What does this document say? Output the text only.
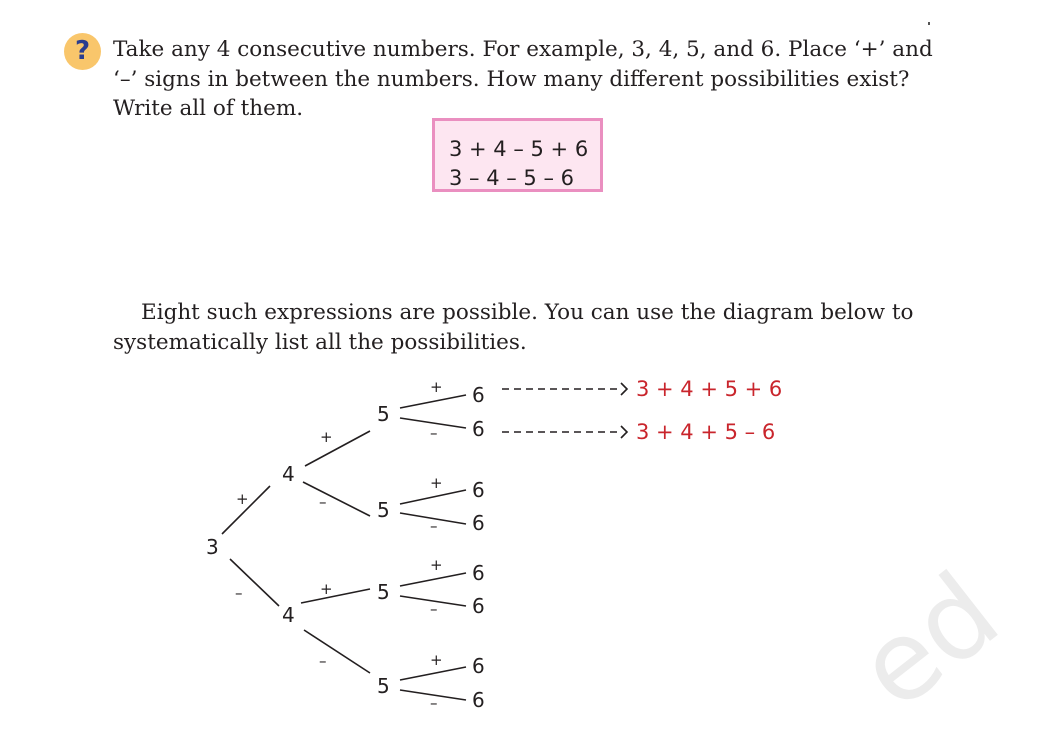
?	Take any 4 consecutive numbers. For example, 3, 4, 5, and 6. Place ‘+’ and ‘–’ signs in between the numbers. How many different possibilities exist? Write all of them.

3 + 4 – 5 + 6
3 – 4 – 5 – 6

Eight such expressions are possible. You can use the diagram below to systematically list all the possibilities.

3
4
4
5
5
5
5
6
6
6
6
6
6
6
6
+
–
+
–
+
–
+
–
+
–
+
–
+
–
3 + 4 + 5 + 6
3 + 4 + 5 – 6
ed
